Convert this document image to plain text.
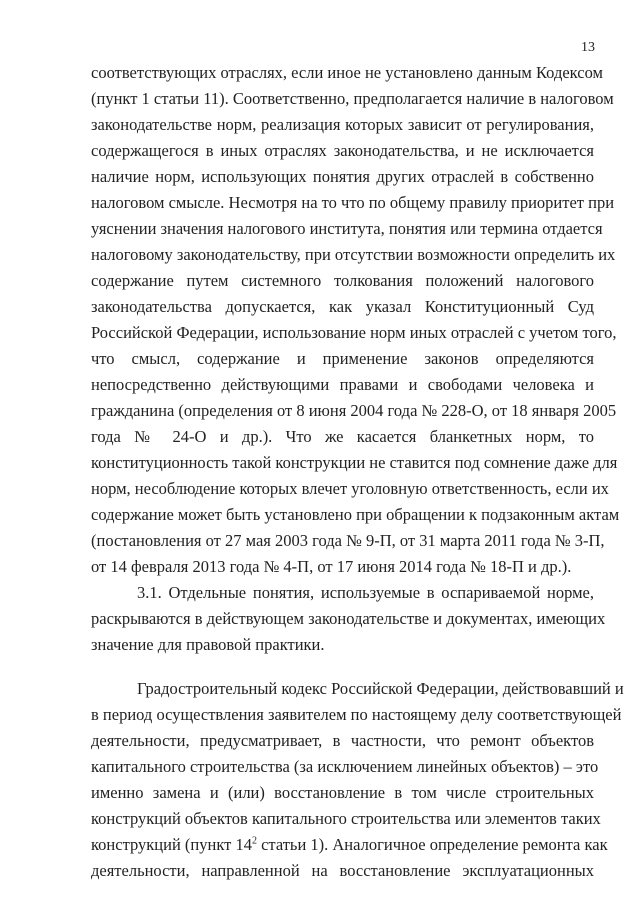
13
соответствующих отраслях, если иное не установлено данным Кодексом
(пункт 1 статьи 11). Соответственно, предполагается наличие в налоговом
законодательстве норм, реализация которых зависит от регулирования,
содержащегося в иных отраслях законодательства, и не исключается
наличие норм, использующих понятия других отраслей в собственно
налоговом смысле. Несмотря на то что по общему правилу приоритет при
уяснении значения налогового института, понятия или термина отдается
налоговому законодательству, при отсутствии возможности определить их
содержание путем системного толкования положений налогового
законодательства допускается, как указал Конституционный Суд
Российской Федерации, использование норм иных отраслей с учетом того,
что смысл, содержание и применение законов определяются
непосредственно действующими правами и свободами человека и
гражданина (определения от 8 июня 2004 года № 228-О, от 18 января 2005
года № 24-О и др.). Что же касается бланкетных норм, то
конституционность такой конструкции не ставится под сомнение даже для
норм, несоблюдение которых влечет уголовную ответственность, если их
содержание может быть установлено при обращении к подзаконным актам
(постановления от 27 мая 2003 года № 9-П, от 31 марта 2011 года № 3-П,
от 14 февраля 2013 года № 4-П, от 17 июня 2014 года № 18-П и др.).
3.1. Отдельные понятия, используемые в оспариваемой норме,
раскрываются в действующем законодательстве и документах, имеющих
значение для правовой практики.
Градостроительный кодекс Российской Федерации, действовавший и
в период осуществления заявителем по настоящему делу соответствующей
деятельности, предусматривает, в частности, что ремонт объектов
капитального строительства (за исключением линейных объектов) – это
именно замена и (или) восстановление в том числе строительных
конструкций объектов капитального строительства или элементов таких
конструкций (пункт $14^2$ статьи 1). Аналогичное определение ремонта как
деятельности, направленной на восстановление эксплуатационных
